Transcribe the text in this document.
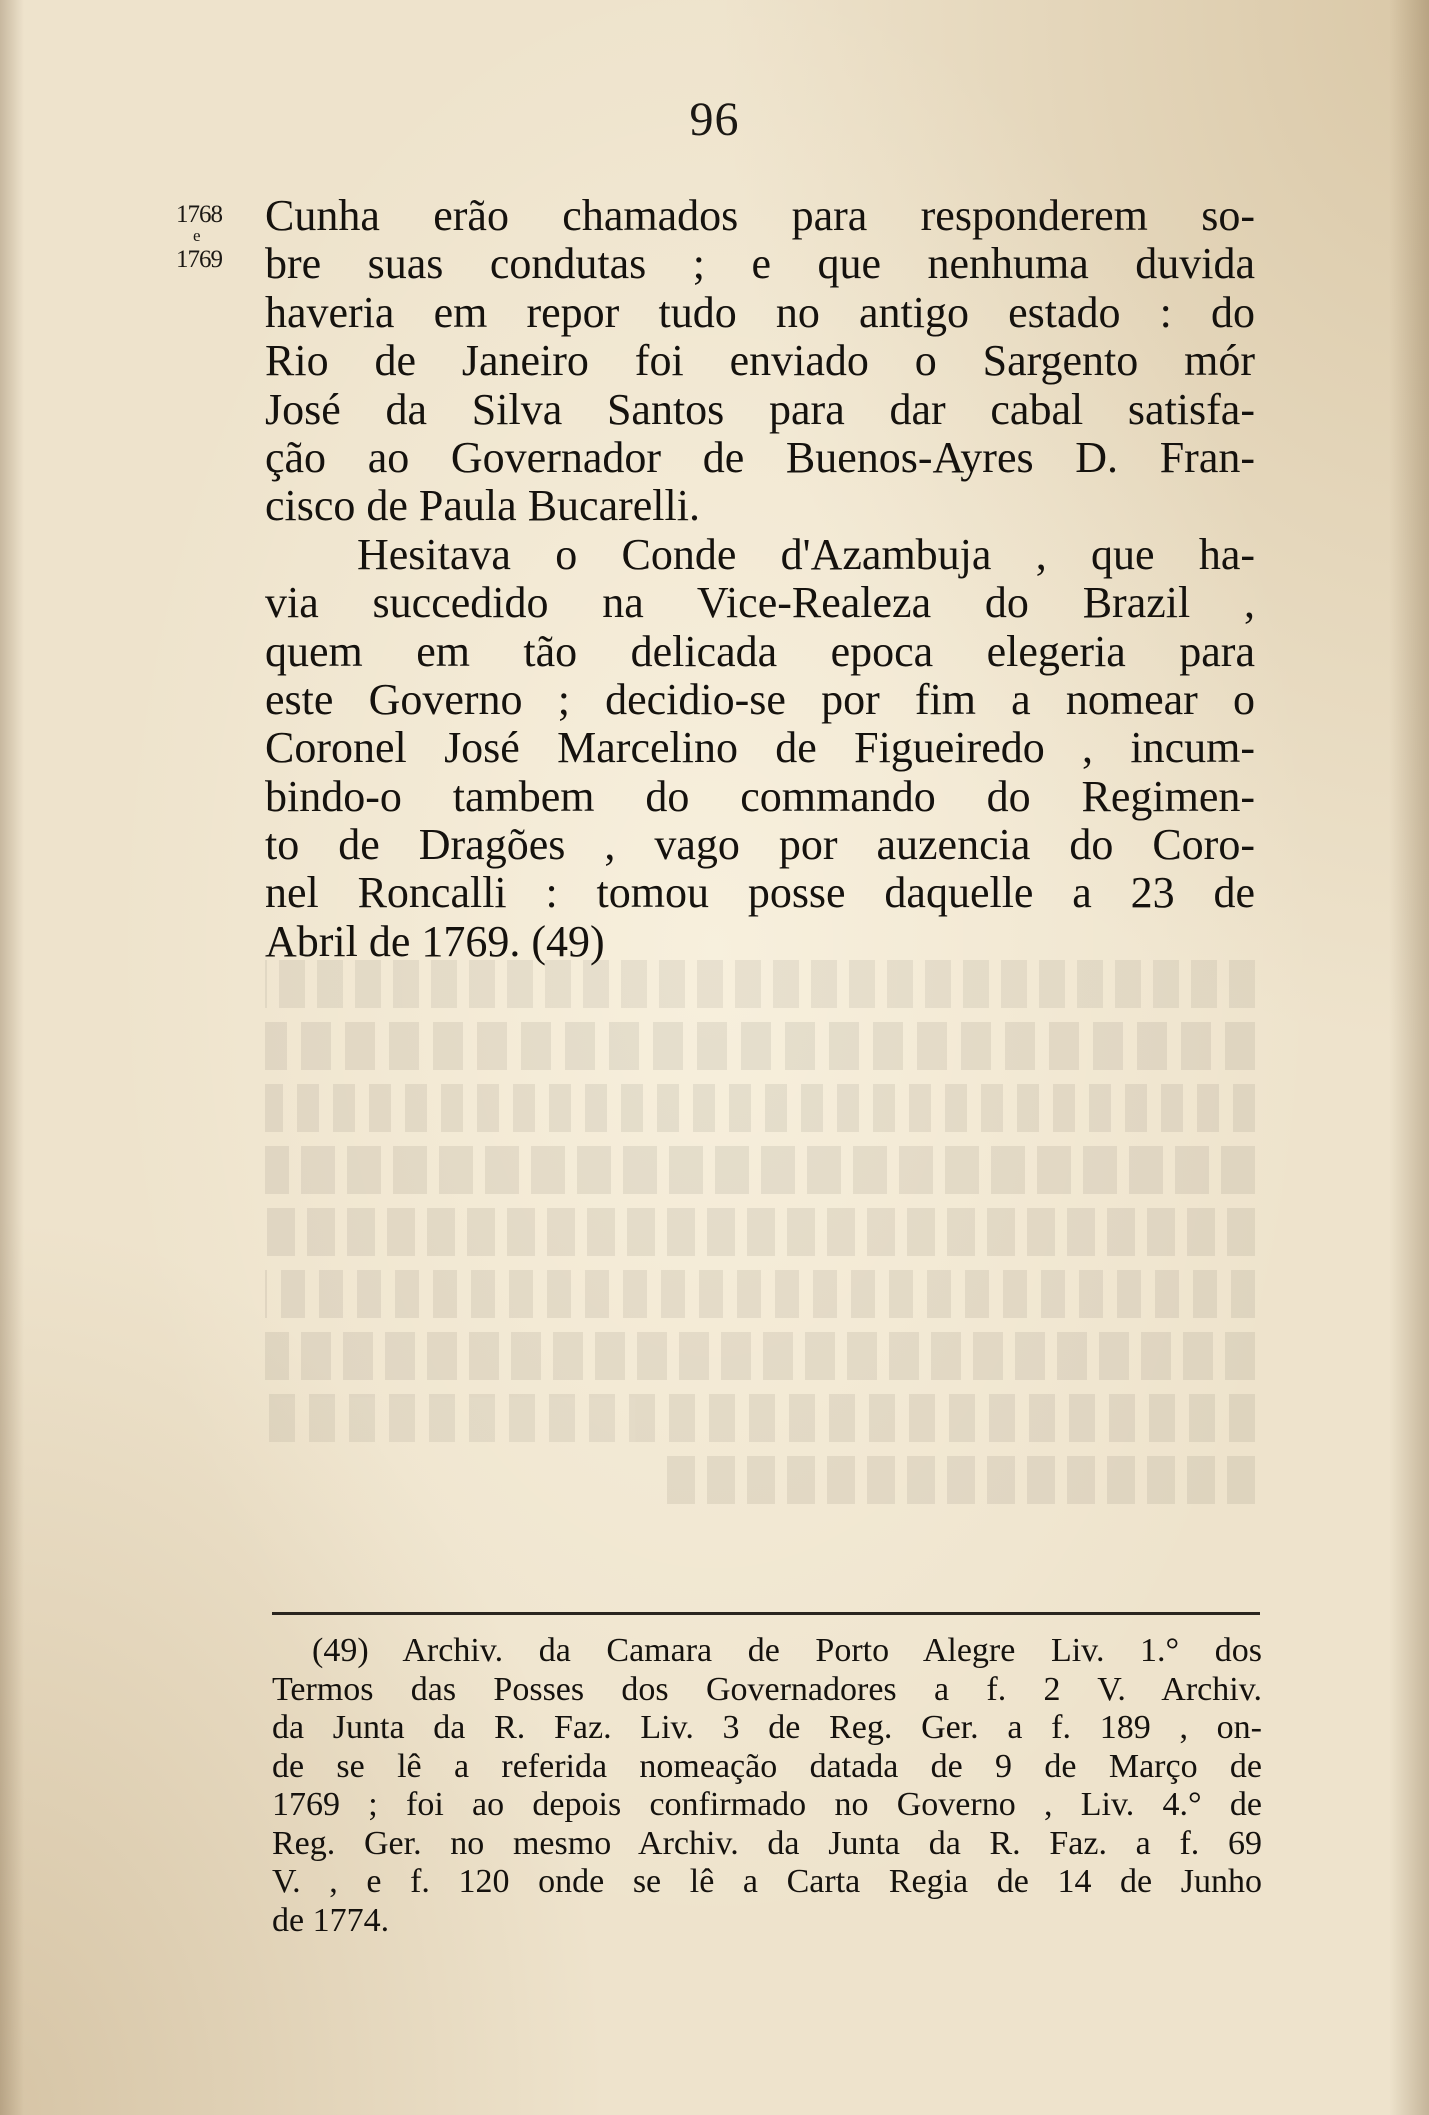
96
1768
e
1769
Cunha erão chamados para responderem so-
bre suas condutas ; e que nenhuma duvida
haveria em repor tudo no antigo estado : do
Rio de Janeiro foi enviado o Sargento mór
José da Silva Santos para dar cabal satisfa-
ção ao Governador de Buenos-Ayres D. Fran-
cisco de Paula Bucarelli.
Hesitava o Conde d'Azambuja , que ha-
via succedido na Vice-Realeza do Brazil ,
quem em tão delicada epoca elegeria para
este Governo ; decidio-se por fim a nomear o
Coronel José Marcelino de Figueiredo , incum-
bindo-o tambem do commando do Regimen-
to de Dragões , vago por auzencia do Coro-
nel Roncalli : tomou posse daquelle a 23 de
Abril de 1769. (49)
(49) Archiv. da Camara de Porto Alegre Liv. 1.° dos
Termos das Posses dos Governadores a f. 2 V. Archiv.
da Junta da R. Faz. Liv. 3 de Reg. Ger. a f. 189 , on-
de se lê a referida nomeação datada de 9 de Março de
1769 ; foi ao depois confirmado no Governo , Liv. 4.° de
Reg. Ger. no mesmo Archiv. da Junta da R. Faz. a f. 69
V. , e f. 120 onde se lê a Carta Regia de 14 de Junho
de 1774.
